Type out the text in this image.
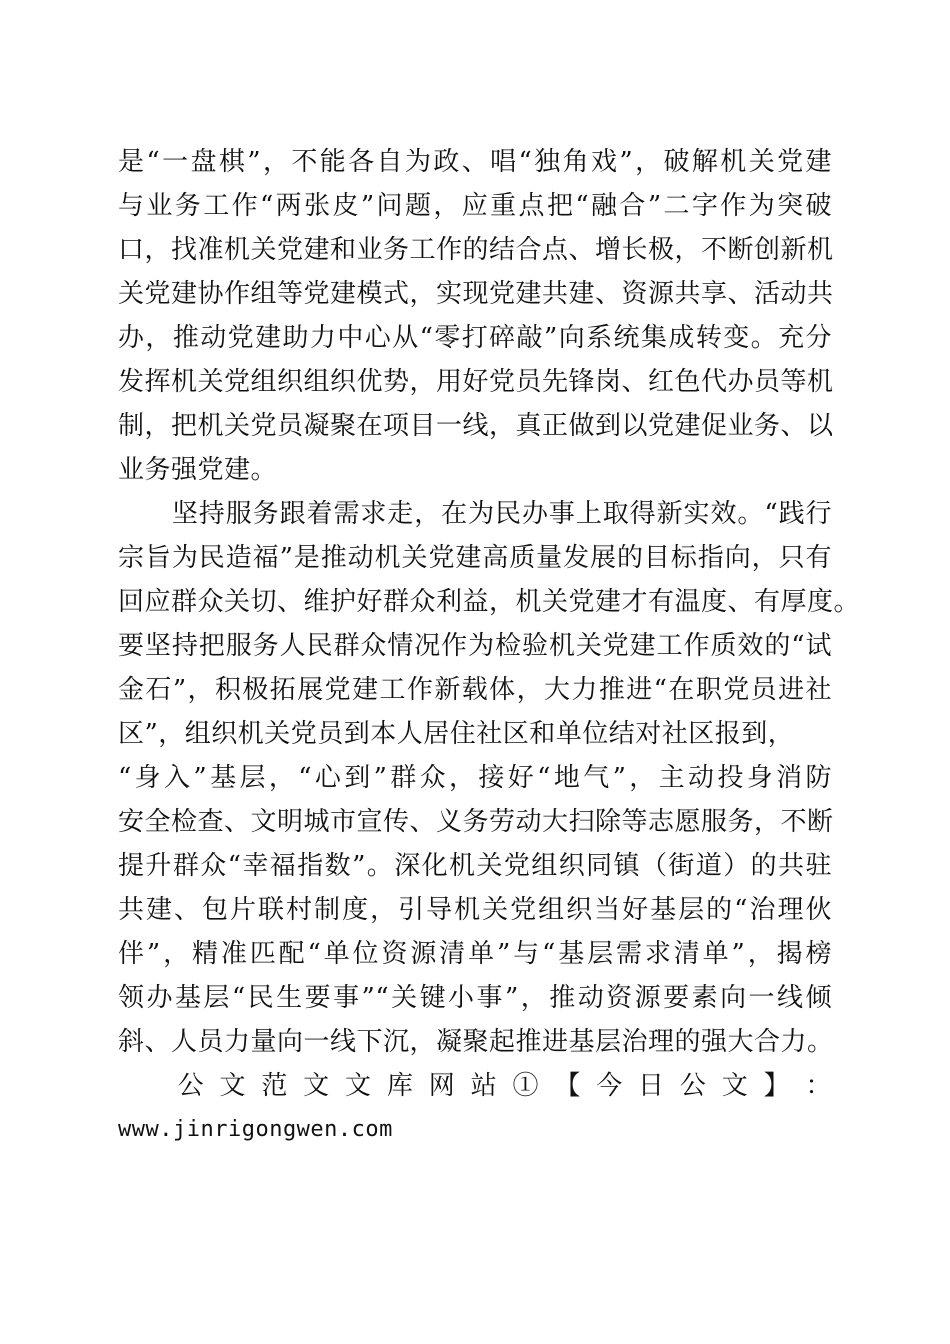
是“一盘棋”，不能各自为政、唱“独角戏”，破解机关党建
与业务工作“两张皮”问题，应重点把“融合”二字作为突破
口，找准机关党建和业务工作的结合点、增长极，不断创新机
关党建协作组等党建模式，实现党建共建、资源共享、活动共
办，推动党建助力中心从“零打碎敲”向系统集成转变。充分
发挥机关党组织组织优势，用好党员先锋岗、红色代办员等机
制，把机关党员凝聚在项目一线，真正做到以党建促业务、以
业务强党建。
　　坚持服务跟着需求走，在为民办事上取得新实效。“践行
宗旨为民造福”是推动机关党建高质量发展的目标指向，只有
回应群众关切、维护好群众利益，机关党建才有温度、有厚度。
要坚持把服务人民群众情况作为检验机关党建工作质效的“试
金石”，积极拓展党建工作新载体，大力推进“在职党员进社
区”，组织机关党员到本人居住社区和单位结对社区报到，
“身入”基层，“心到”群众，接好“地气”，主动投身消防
安全检查、文明城市宣传、义务劳动大扫除等志愿服务，不断
提升群众“幸福指数”。深化机关党组织同镇（街道）的共驻
共建、包片联村制度，引导机关党组织当好基层的“治理伙
伴”，精准匹配“单位资源清单”与“基层需求清单”，揭榜
领办基层“民生要事”“关键小事”，推动资源要素向一线倾
斜、人员力量向一线下沉，凝聚起推进基层治理的强大合力。
　　公 文 范 文 文 库 网 站 ① 【 今 日 公 文 】 ：
www.jinrigongwen.com
